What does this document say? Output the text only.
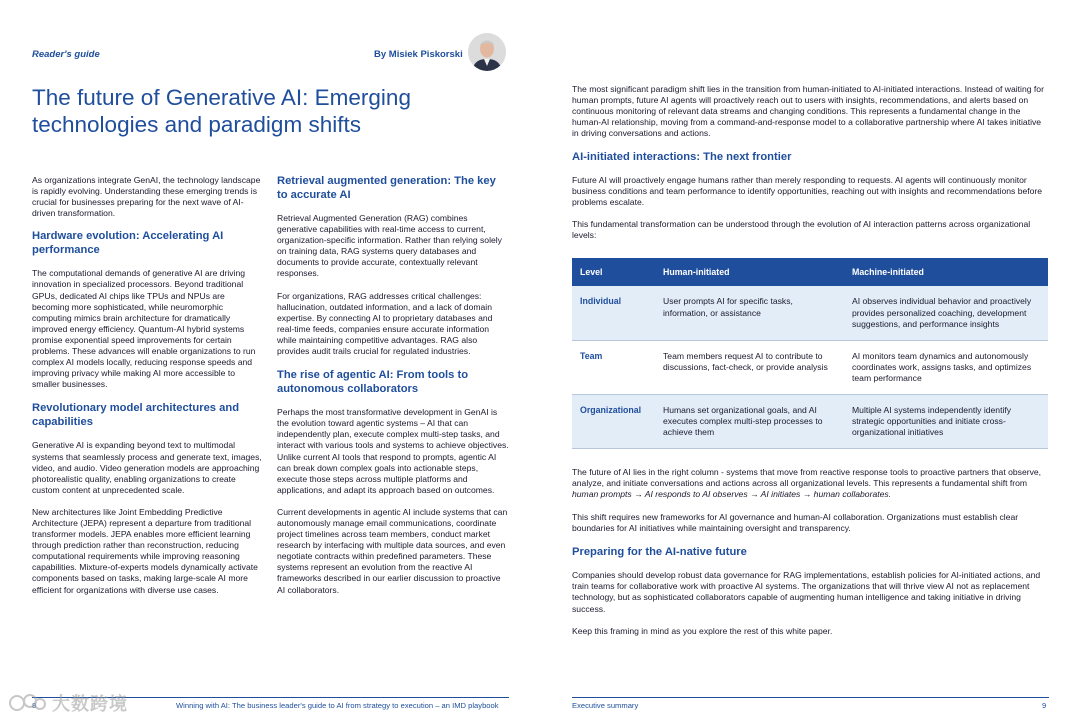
Reader's guide	By Misiek Piskorski
The future of Generative AI: Emerging
technologies and paradigm shifts

As organizations integrate GenAI, the technology landscape is rapidly evolving. Understanding these emerging trends is crucial for businesses preparing for the next wave of AI-driven transformation.

Hardware evolution: Accelerating AI performance

The computational demands of generative AI are driving innovation in specialized processors. Beyond traditional GPUs, dedicated AI chips like TPUs and NPUs are becoming more sophisticated, while neuromorphic computing mimics brain architecture for dramatically improved energy efficiency. Quantum-AI hybrid systems promise exponential speed improvements for certain problems. These advances will enable organizations to run complex AI models locally, reducing response speeds and improving privacy while making AI more accessible to smaller businesses.

Revolutionary model architectures and capabilities

Generative AI is expanding beyond text to multimodal systems that seamlessly process and generate text, images, video, and audio. Video generation models are approaching photorealistic quality, enabling organizations to create custom content at unprecedented scale.

New architectures like Joint Embedding Predictive Architecture (JEPA) represent a departure from traditional transformer models. JEPA enables more efficient learning through prediction rather than reconstruction, reducing computational requirements while improving reasoning capabilities. Mixture-of-experts models dynamically activate components based on tasks, making large-scale AI more efficient for organizations with diverse use cases.

Retrieval augmented generation: The key to accurate AI

Retrieval Augmented Generation (RAG) combines generative capabilities with real-time access to current, organization-specific information. Rather than relying solely on training data, RAG systems query databases and documents to provide accurate, contextually relevant responses.

For organizations, RAG addresses critical challenges: hallucination, outdated information, and a lack of domain expertise. By connecting AI to proprietary databases and real-time feeds, companies ensure accurate information while maintaining competitive advantages. RAG also provides audit trails crucial for regulated industries.

The rise of agentic AI: From tools to autonomous collaborators

Perhaps the most transformative development in GenAI is the evolution toward agentic systems – AI that can independently plan, execute complex multi-step tasks, and interact with various tools and systems to achieve objectives. Unlike current AI tools that respond to prompts, agentic AI can break down complex goals into actionable steps, execute those steps across multiple platforms and applications, and adapt its approach based on outcomes.

Current developments in agentic AI include systems that can autonomously manage email communications, coordinate project timelines across team members, conduct market research by interfacing with multiple data sources, and even negotiate contracts within predefined parameters. These systems represent an evolution from the reactive AI frameworks described in our earlier discussion to proactive AI collaborators.

8	Winning with AI: The business leader's guide to AI from strategy to execution – an IMD playbook
大数跨境

The most significant paradigm shift lies in the transition from human-initiated to AI-initiated interactions. Instead of waiting for human prompts, future AI agents will proactively reach out to users with insights, recommendations, and alerts based on continuous monitoring of relevant data streams and changing conditions. This represents a fundamental change in the human-AI relationship, moving from a command-and-response model to a collaborative partnership where AI takes initiative in driving conversations and actions.

AI-initiated interactions: The next frontier

Future AI will proactively engage humans rather than merely responding to requests. AI agents will continuously monitor business conditions and team performance to identify opportunities, reaching out with insights and recommendations before problems escalate.

This fundamental transformation can be understood through the evolution of AI interaction patterns across organizational levels:

Level	Human-initiated	Machine-initiated
Individual	User prompts AI for specific tasks, information, or assistance	AI observes individual behavior and proactively provides personalized coaching, development suggestions, and performance insights
Team	Team members request AI to contribute to discussions, fact-check, or provide analysis	AI monitors team dynamics and autonomously coordinates work, assigns tasks, and optimizes team performance
Organizational	Humans set organizational goals, and AI executes complex multi-step processes to achieve them	Multiple AI systems independently identify strategic opportunities and initiate cross-organizational initiatives

The future of AI lies in the right column - systems that move from reactive response tools to proactive partners that observe, analyze, and initiate conversations and actions across all organizational levels. This represents a fundamental shift from human prompts → AI responds to AI observes → AI initiates → human collaborates.

This shift requires new frameworks for AI governance and human-AI collaboration. Organizations must establish clear boundaries for AI initiatives while maintaining oversight and transparency.

Preparing for the AI-native future

Companies should develop robust data governance for RAG implementations, establish policies for AI-initiated actions, and train teams for collaborative work with proactive AI systems. The organizations that will thrive view AI not as replacement technology, but as sophisticated collaborators capable of augmenting human intelligence and taking initiative in driving success.

Keep this framing in mind as you explore the rest of this white paper.

Executive summary	9
